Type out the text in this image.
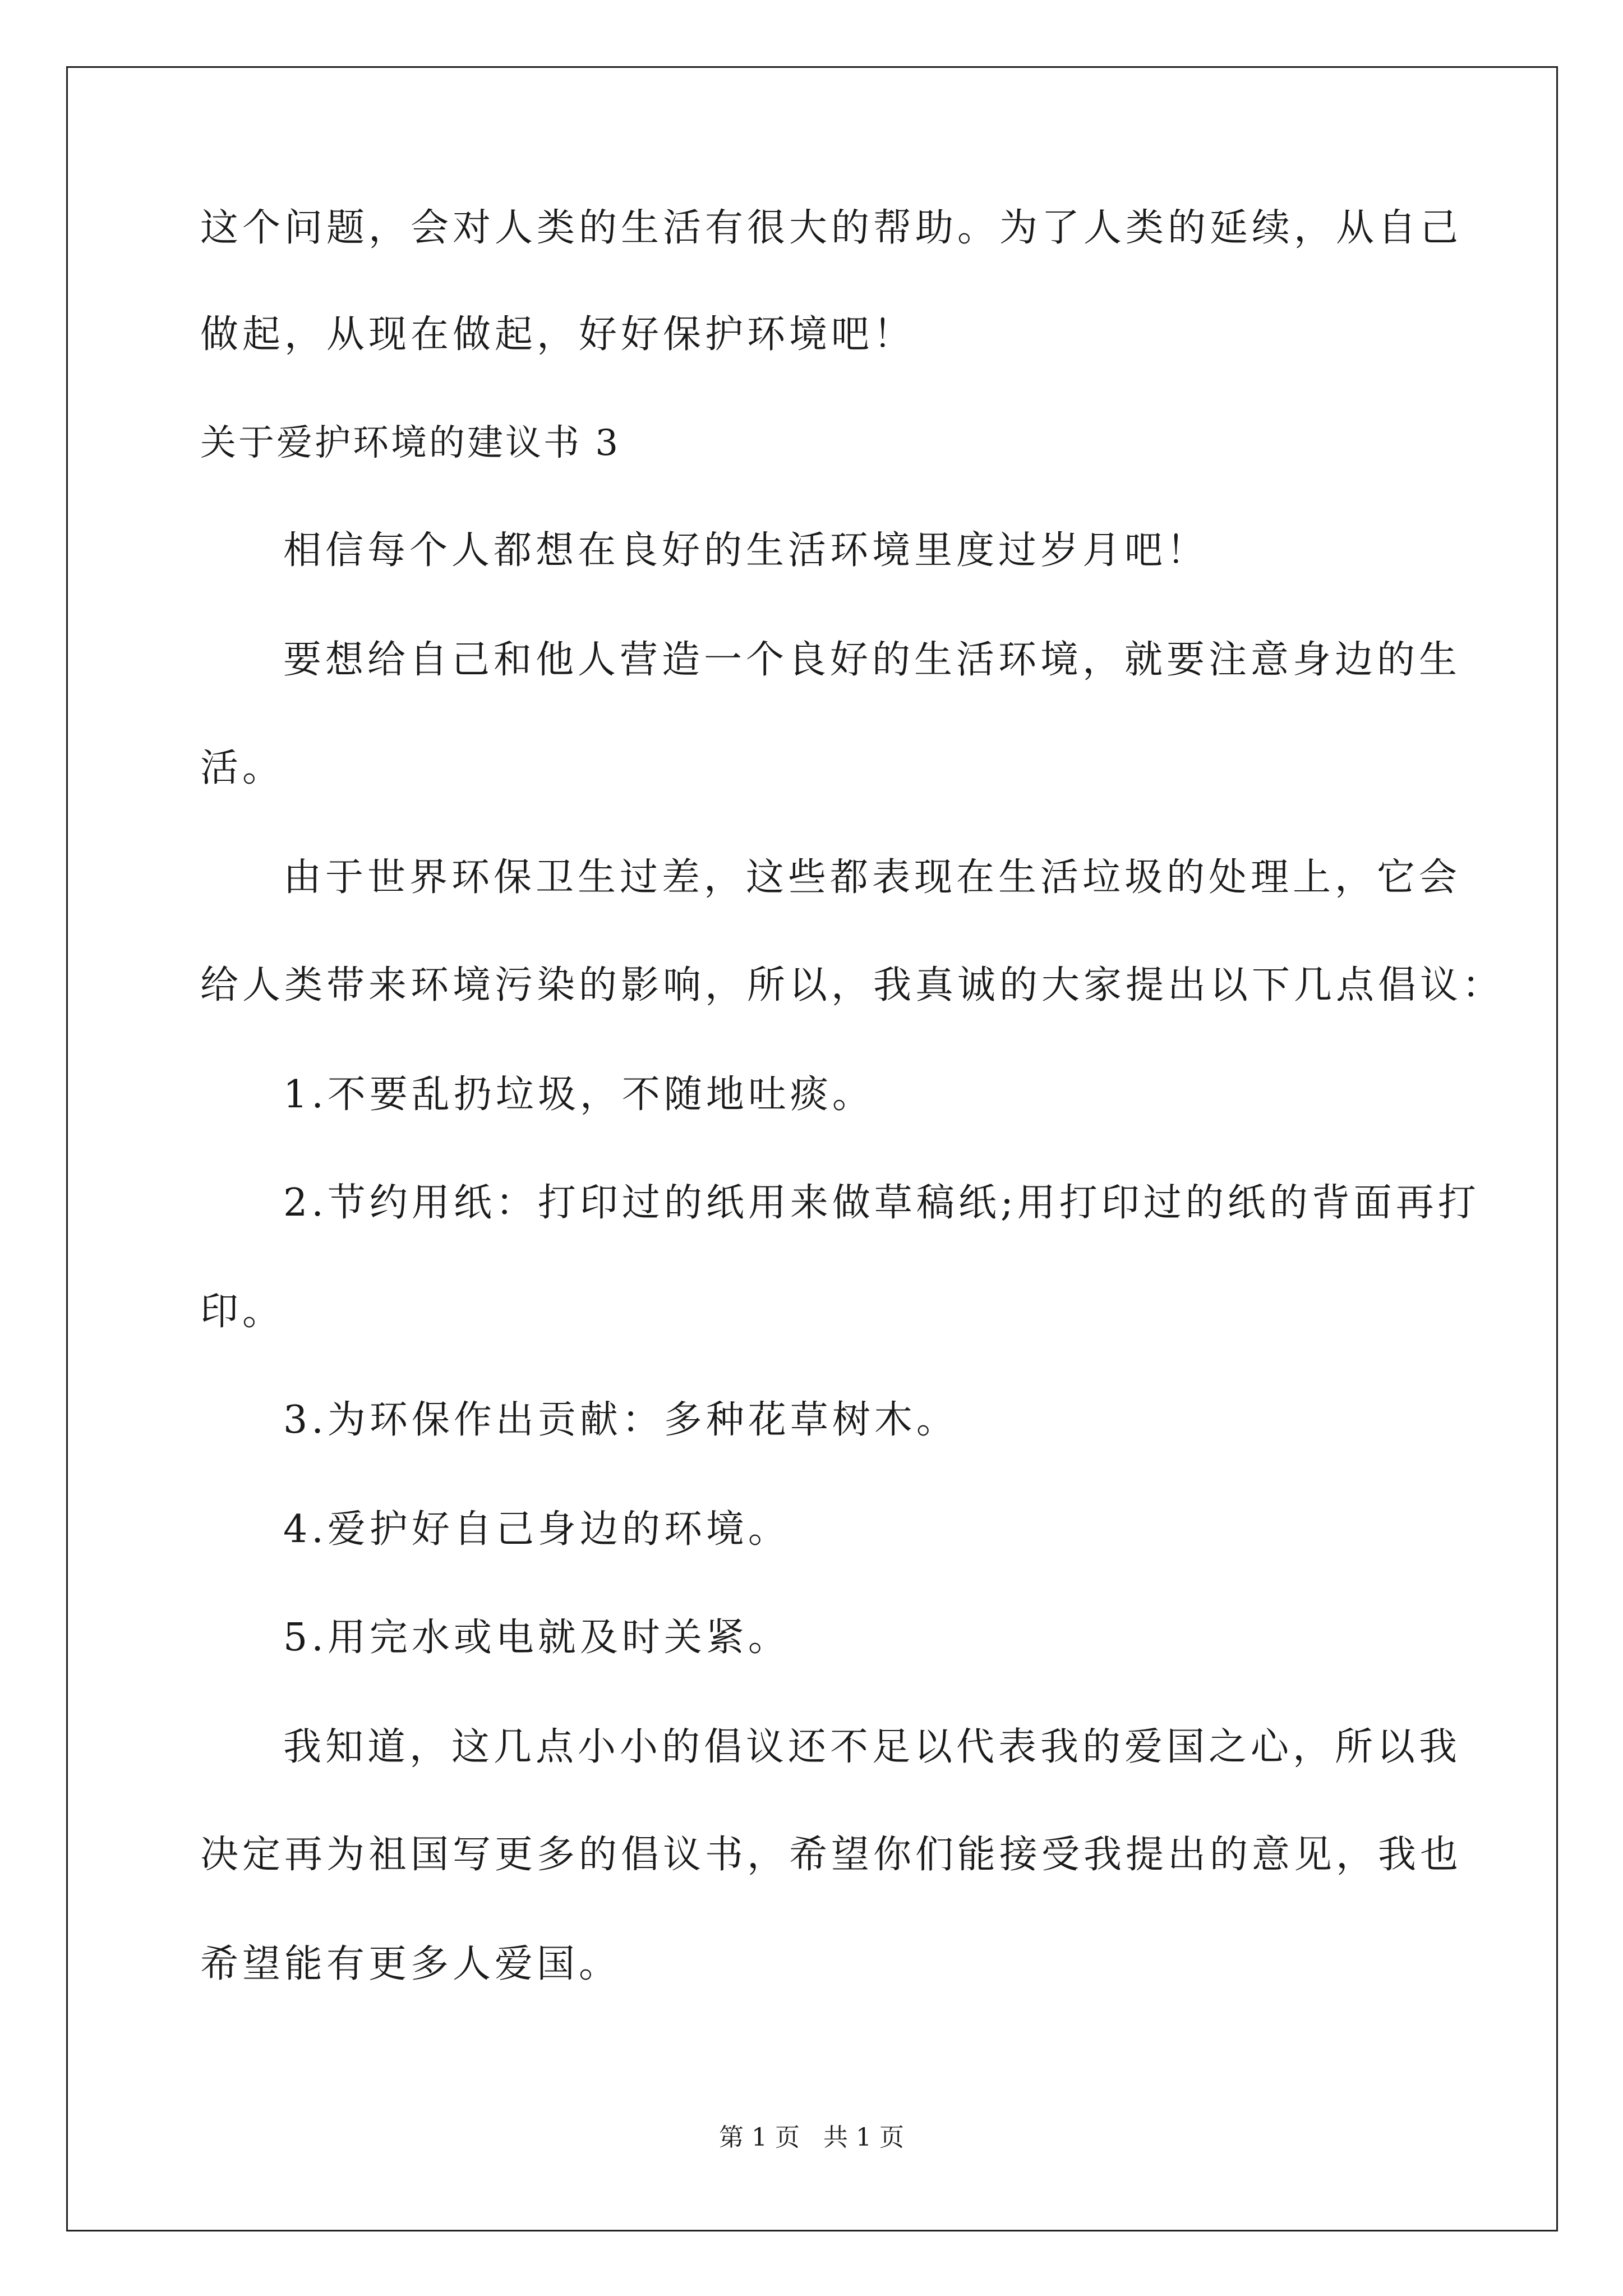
这个问题，会对人类的生活有很大的帮助。为了人类的延续，从自己
做起，从现在做起，好好保护环境吧！
关于爱护环境的建议书 3
相信每个人都想在良好的生活环境里度过岁月吧！
要想给自己和他人营造一个良好的生活环境，就要注意身边的生
活。
由于世界环保卫生过差，这些都表现在生活垃圾的处理上，它会
给人类带来环境污染的影响，所以，我真诚的大家提出以下几点倡议：
1.不要乱扔垃圾，不随地吐痰。
2.节约用纸：打印过的纸用来做草稿纸;用打印过的纸的背面再打
印。
3.为环保作出贡献：多种花草树木。
4.爱护好自己身边的环境。
5.用完水或电就及时关紧。
我知道，这几点小小的倡议还不足以代表我的爱国之心，所以我
决定再为祖国写更多的倡议书，希望你们能接受我提出的意见，我也
希望能有更多人爱国。
第 1 页 共 1 页
